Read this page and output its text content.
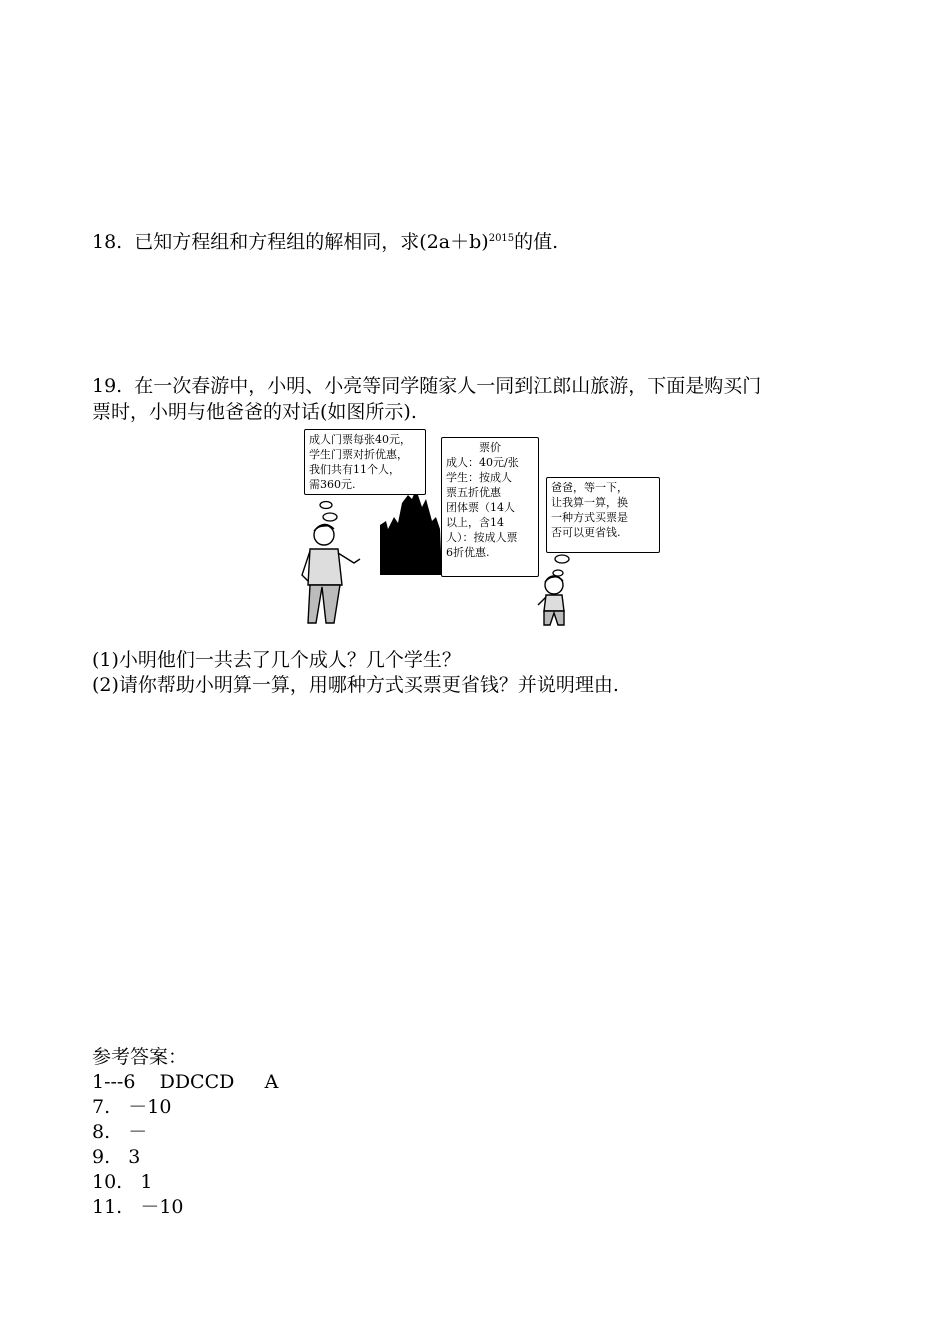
18.  已知方程组和方程组的解相同，求$(2a+b)^{2015}$的值.
19.  在一次春游中，小明、小亮等同学随家人一同到江郎山旅游，下面是购买门
票时，小明与他爸爸的对话(如图所示).
成人门票每张40元，
学生门票对折优惠，
我们共有11个人，
需360元.
票价
成人：40元/张
学生：按成人
票五折优惠
团体票（14人
以上，含14
人）：按成人票
6折优惠.
爸爸，等一下，
让我算一算，换
一种方式买票是
否可以更省钱.
(1)小明他们一共去了几个成人？几个学生？
(2)请你帮助小明算一算，用哪种方式买票更省钱？并说明理由.
参考答案：
1---6    DDCCD     A
7.   －10
8.   －
9.   3
10.   1
11.   －10
